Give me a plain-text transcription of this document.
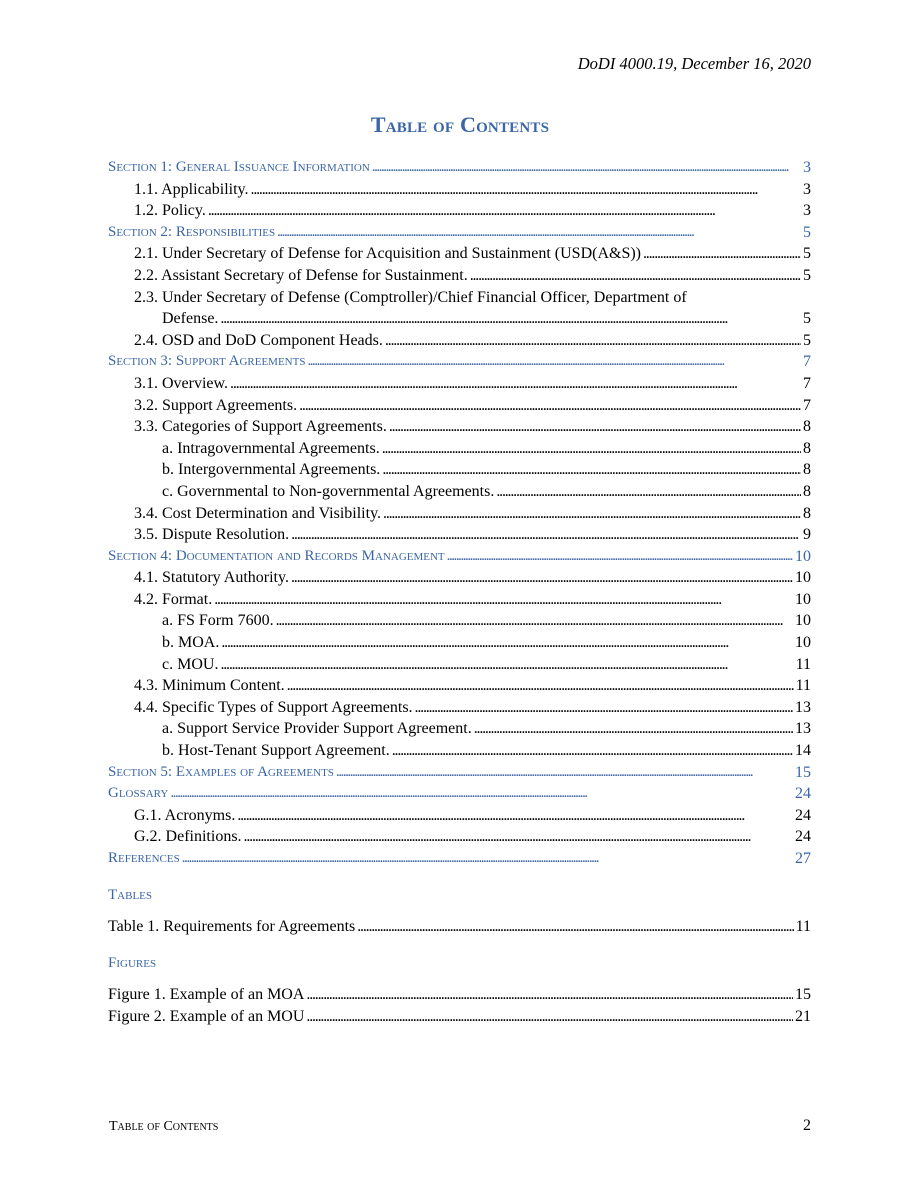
DoDI 4000.19, December 16, 2020
Table of Contents
Section 1: General Issuance Information . . .	3
1.1. Applicability. . . .	3
1.2. Policy. . . .	3
Section 2: Responsibilities . . .	5
2.1. Under Secretary of Defense for Acquisition and Sustainment (USD(A&S)) . . .	5
2.2. Assistant Secretary of Defense for Sustainment. . . .	5
2.3. Under Secretary of Defense (Comptroller)/Chief Financial Officer, Department of
Defense. . . .	5
2.4. OSD and DoD Component Heads. . . .	5
Section 3: Support Agreements . . .	7
3.1. Overview. . . .	7
3.2. Support Agreements. . . .	7
3.3. Categories of Support Agreements. . . .	8
a. Intragovernmental Agreements. . . .	8
b. Intergovernmental Agreements. . . .	8
c. Governmental to Non-governmental Agreements. . . .	8
3.4. Cost Determination and Visibility. . . .	8
3.5. Dispute Resolution. . . .	9
Section 4: Documentation and Records Management . . .	10
4.1. Statutory Authority. . . .	10
4.2. Format. . . .	10
a. FS Form 7600. . . .	10
b. MOA. . . .	10
c. MOU. . . .	11
4.3. Minimum Content. . . .	11
4.4. Specific Types of Support Agreements. . . .	13
a. Support Service Provider Support Agreement. . . .	13
b. Host-Tenant Support Agreement. . . .	14
Section 5: Examples of Agreements . . .	15
Glossary . . .	24
G.1. Acronyms. . . .	24
G.2. Definitions. . . .	24
References . . .	27
Tables
Table 1. Requirements for Agreements . . .	11
Figures
Figure 1. Example of an MOA . . .	15
Figure 2. Example of an MOU . . .	21
Table of Contents	2
